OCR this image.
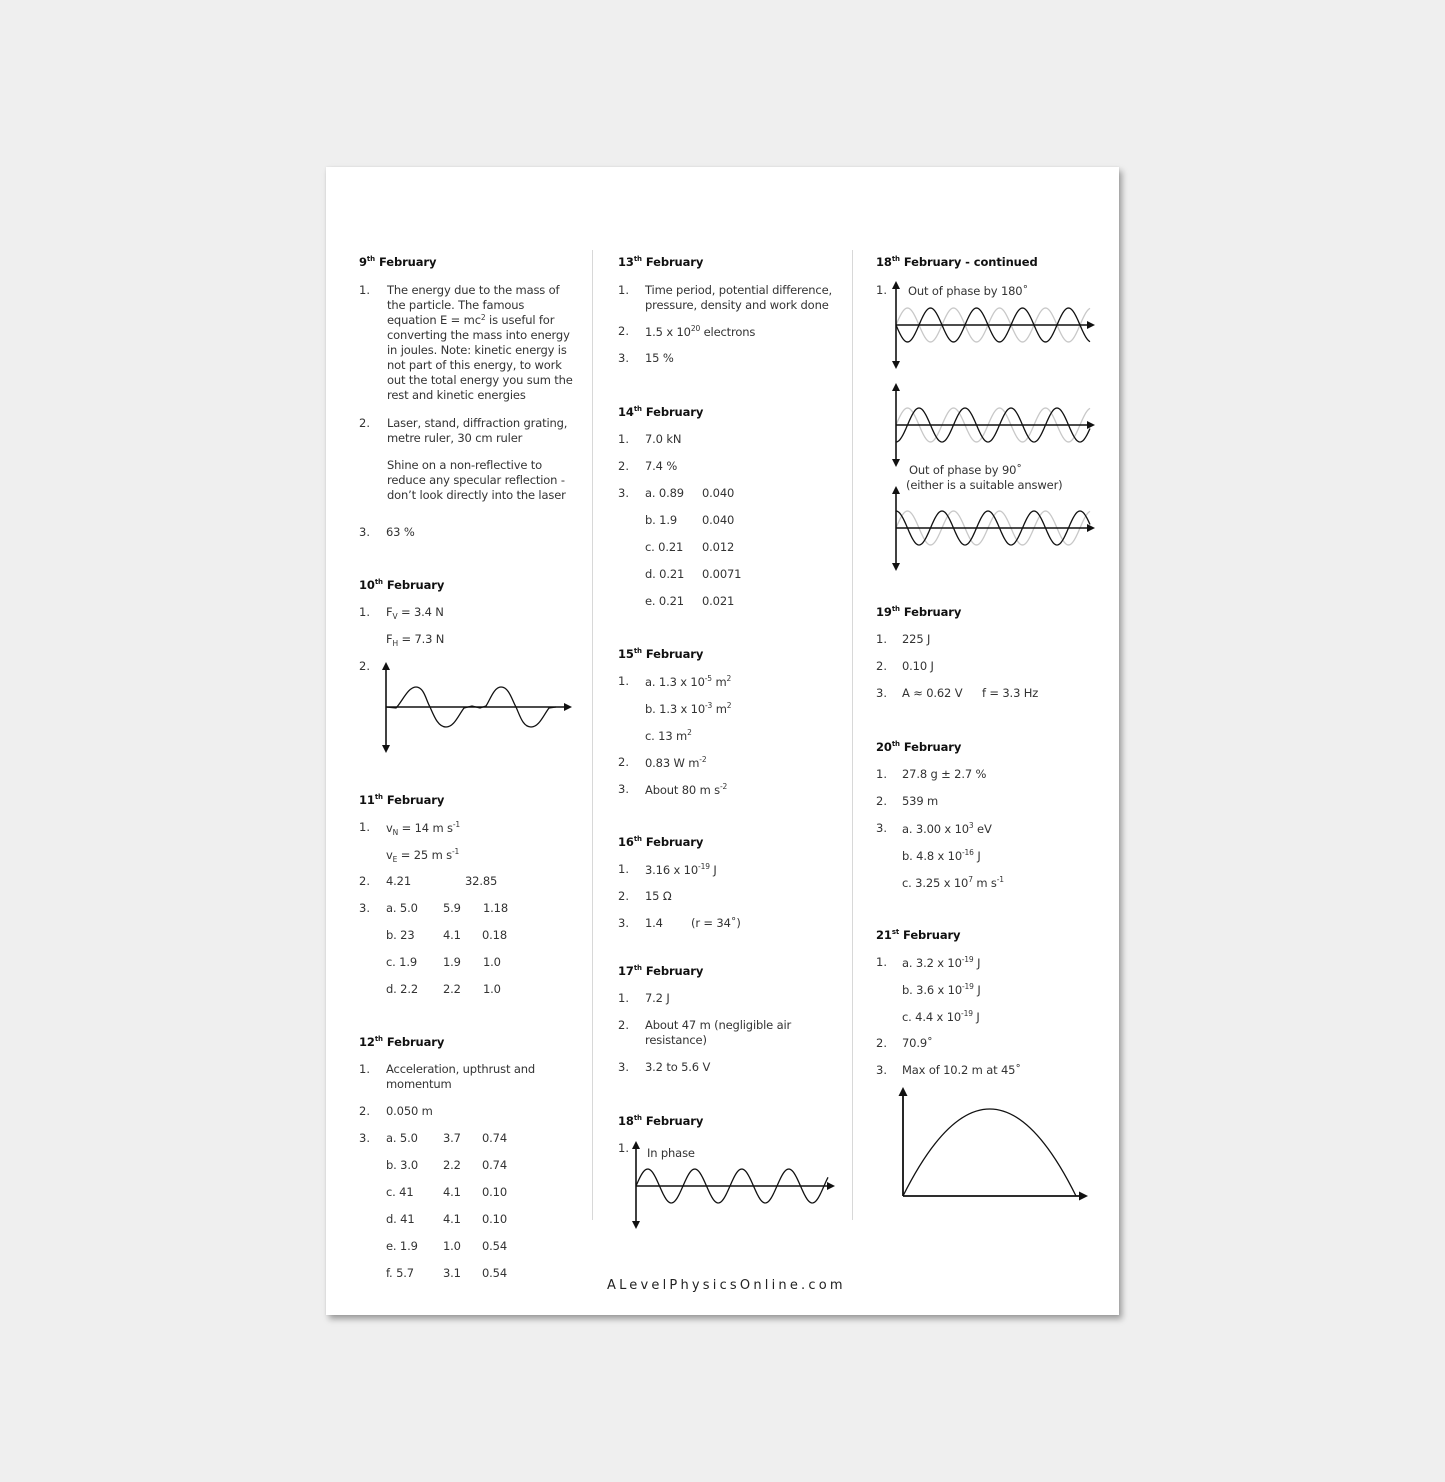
9th February
1. The energy due to the mass of
the particle. The famous
equation $E = mc^2$ is useful for
converting the mass into energy
in joules. Note: kinetic energy is
not part of this energy, to work
out the total energy you sum the
rest and kinetic energies
2. Laser, stand, diffraction grating,
metre ruler, 30 cm ruler
Shine on a non-reflective to
reduce any specular reflection -
don’t look directly into the laser
3. 63 %
10th February
1. $F_V = 3.4$ N
$F_H = 7.3$ N
2.
11th February
1. $v_N = 14$ m $s^{-1}$
$v_E = 25$ m $s^{-1}$
2. 4.21	32.85
3. a. 5.0 5.9 1.18
b. 23 4.1 0.18
c. 1.9 1.9 1.0
d. 2.2 2.2 1.0
12th February
1. Acceleration, upthrust and
momentum
2. 0.050 m
3. a. 5.0 3.7 0.74
b. 3.0 2.2 0.74
c. 41	4.1 0.10
d. 41 4.1 0.10
e. 1.9 1.0 0.54
f. 5.7	3.1 0.54
13th February
1. Time period, potential difference,
pressure, density and work done
2. 1.5 x $10^{20}$ electrons
3. 15 %
14th February
1. 7.0 kN
2. 7.4 %
3. a. 0.89 0.040
b. 1.9 0.040
c. 0.21 0.012
d. 0.21 0.0071
e. 0.21 0.021
15th February
1. a. 1.3 x $10^{-5}$ $m^2$
b. 1.3 x $10^{-3}$ $m^2$
c. 13 $m^2$
2. 0.83 W $m^{-2}$
3. About 80 m $s^{-2}$
16th February
1. 3.16 x $10^{-19}$ J
2. 15 Ω
3. 1.4 (r = 34˚)
17th February
1. 7.2 J
2. About 47 m (negligible air
resistance)
3. 3.2 to 5.6 V
18th February
1. In phase
18th February - continued
1. Out of phase by 180˚
Out of phase by 90˚
(either is a suitable answer)
19th February
1. 225 J
2. 0.10 J
3. A ≈ 0.62 V f = 3.3 Hz
20th February
1. 27.8 g ± 2.7 %
2. 539 m
3. a. 3.00 x $10^3$ eV
b. 4.8 x $10^{-16}$ J
c. 3.25 x $10^7$ m $s^{-1}$
21st February
1. a. 3.2 x $10^{-19}$ J
b. 3.6 x $10^{-19}$ J
c. 4.4 x $10^{-19}$ J
2. 70.9˚
3. Max of 10.2 m at 45˚
ALevelPhysicsOnline.com
